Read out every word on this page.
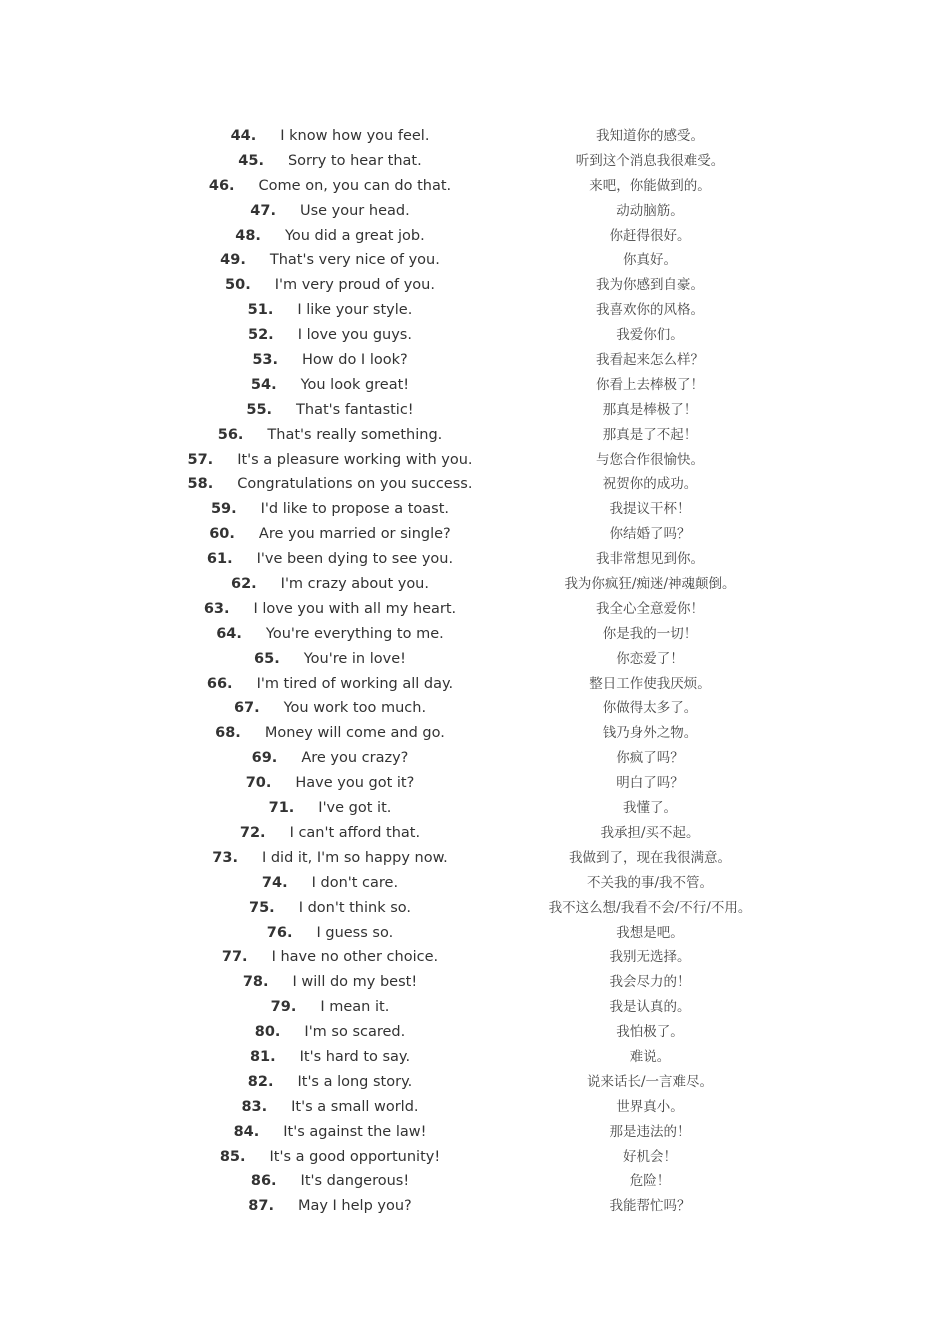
44. I know how you feel.	我知道你的感受。
45. Sorry to hear that.	听到这个消息我很难受。
46. Come on, you can do that.	来吧，你能做到的。
47. Use your head.	动动脑筋。
48. You did a great job.	你赶得很好。
49. That's very nice of you.	你真好。
50. I'm very proud of you.	我为你感到自豪。
51. I like your style.	我喜欢你的风格。
52. I love you guys.	我爱你们。
53. How do I look?	我看起来怎么样？
54. You look great!	你看上去棒极了！
55. That's fantastic!	那真是棒极了！
56. That's really something.	那真是了不起！
57. It's a pleasure working with you.	与您合作很愉快。
58. Congratulations on you success.	祝贺你的成功。
59. I'd like to propose a toast.	我提议干杯！
60. Are you married or single?	你结婚了吗？
61. I've been dying to see you.	我非常想见到你。
62. I'm crazy about you.	我为你疯狂/痴迷/神魂颠倒。
63. I love you with all my heart.	我全心全意爱你！
64. You're everything to me.	你是我的一切！
65. You're in love!	你恋爱了！
66. I'm tired of working all day.	整日工作使我厌烦。
67. You work too much.	你做得太多了。
68. Money will come and go.	钱乃身外之物。
69. Are you crazy?	你疯了吗？
70. Have you got it?	明白了吗？
71. I've got it.	我懂了。
72. I can't afford that.	我承担/买不起。
73. I did it, I'm so happy now.	我做到了，现在我很满意。
74. I don't care.	不关我的事/我不管。
75. I don't think so.	我不这么想/我看不会/不行/不用。
76. I guess so.	我想是吧。
77. I have no other choice.	我别无选择。
78. I will do my best!	我会尽力的！
79. I mean it.	我是认真的。
80. I'm so scared.	我怕极了。
81. It's hard to say.	难说。
82. It's a long story.	说来话长/一言难尽。
83. It's a small world.	世界真小。
84. It's against the law!	那是违法的！
85. It's a good opportunity!	好机会！
86. It's dangerous!	危险！
87. May I help you?	我能帮忙吗？
